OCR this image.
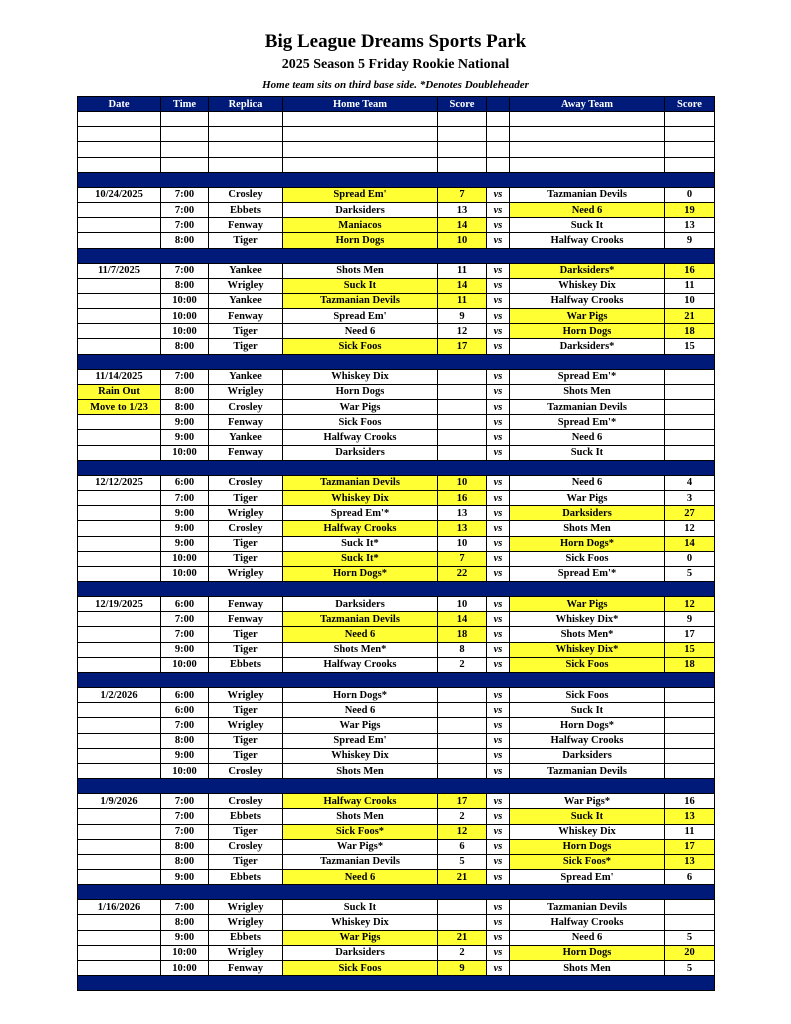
Big League Dreams Sports Park
2025 Season 5 Friday Rookie National
Home team sits on third base side. *Denotes Doubleheader
Date	Time	Replica	Home Team	Score		Away Team	Score

10/24/2025	7:00	Crosley	Spread Em'	7	vs	Tazmanian Devils	0
	7:00	Ebbets	Darksiders	13	vs	Need 6	19
	7:00	Fenway	Maniacos	14	vs	Suck It	13
	8:00	Tiger	Horn Dogs	10	vs	Halfway Crooks	9

11/7/2025	7:00	Yankee	Shots Men	11	vs	Darksiders*	16
	8:00	Wrigley	Suck It	14	vs	Whiskey Dix	11
	10:00	Yankee	Tazmanian Devils	11	vs	Halfway Crooks	10
	10:00	Fenway	Spread Em'	9	vs	War Pigs	21
	10:00	Tiger	Need 6	12	vs	Horn Dogs	18
	8:00	Tiger	Sick Foos	17	vs	Darksiders*	15

11/14/2025	7:00	Yankee	Whiskey Dix		vs	Spread Em'*	
Rain Out	8:00	Wrigley	Horn Dogs		vs	Shots Men	
Move to 1/23	8:00	Crosley	War Pigs		vs	Tazmanian Devils	
	9:00	Fenway	Sick Foos		vs	Spread Em'*	
	9:00	Yankee	Halfway Crooks		vs	Need 6	
	10:00	Fenway	Darksiders		vs	Suck It	

12/12/2025	6:00	Crosley	Tazmanian Devils	10	vs	Need 6	4
	7:00	Tiger	Whiskey Dix	16	vs	War Pigs	3
	9:00	Wrigley	Spread Em'*	13	vs	Darksiders	27
	9:00	Crosley	Halfway Crooks	13	vs	Shots Men	12
	9:00	Tiger	Suck It*	10	vs	Horn Dogs*	14
	10:00	Tiger	Suck It*	7	vs	Sick Foos	0
	10:00	Wrigley	Horn Dogs*	22	vs	Spread Em'*	5

12/19/2025	6:00	Fenway	Darksiders	10	vs	War Pigs	12
	7:00	Fenway	Tazmanian Devils	14	vs	Whiskey Dix*	9
	7:00	Tiger	Need 6	18	vs	Shots Men*	17
	9:00	Tiger	Shots Men*	8	vs	Whiskey Dix*	15
	10:00	Ebbets	Halfway Crooks	2	vs	Sick Foos	18

1/2/2026	6:00	Wrigley	Horn Dogs*		vs	Sick Foos	
	6:00	Tiger	Need 6		vs	Suck It	
	7:00	Wrigley	War Pigs		vs	Horn Dogs*	
	8:00	Tiger	Spread Em'		vs	Halfway Crooks	
	9:00	Tiger	Whiskey Dix		vs	Darksiders	
	10:00	Crosley	Shots Men		vs	Tazmanian Devils	

1/9/2026	7:00	Crosley	Halfway Crooks	17	vs	War Pigs*	16
	7:00	Ebbets	Shots Men	2	vs	Suck It	13
	7:00	Tiger	Sick Foos*	12	vs	Whiskey Dix	11
	8:00	Crosley	War Pigs*	6	vs	Horn Dogs	17
	8:00	Tiger	Tazmanian Devils	5	vs	Sick Foos*	13
	9:00	Ebbets	Need 6	21	vs	Spread Em'	6

1/16/2026	7:00	Wrigley	Suck It		vs	Tazmanian Devils	
	8:00	Wrigley	Whiskey Dix		vs	Halfway Crooks	
	9:00	Ebbets	War Pigs	21	vs	Need 6	5
	10:00	Wrigley	Darksiders	2	vs	Horn Dogs	20
	10:00	Fenway	Sick Foos	9	vs	Shots Men	5
